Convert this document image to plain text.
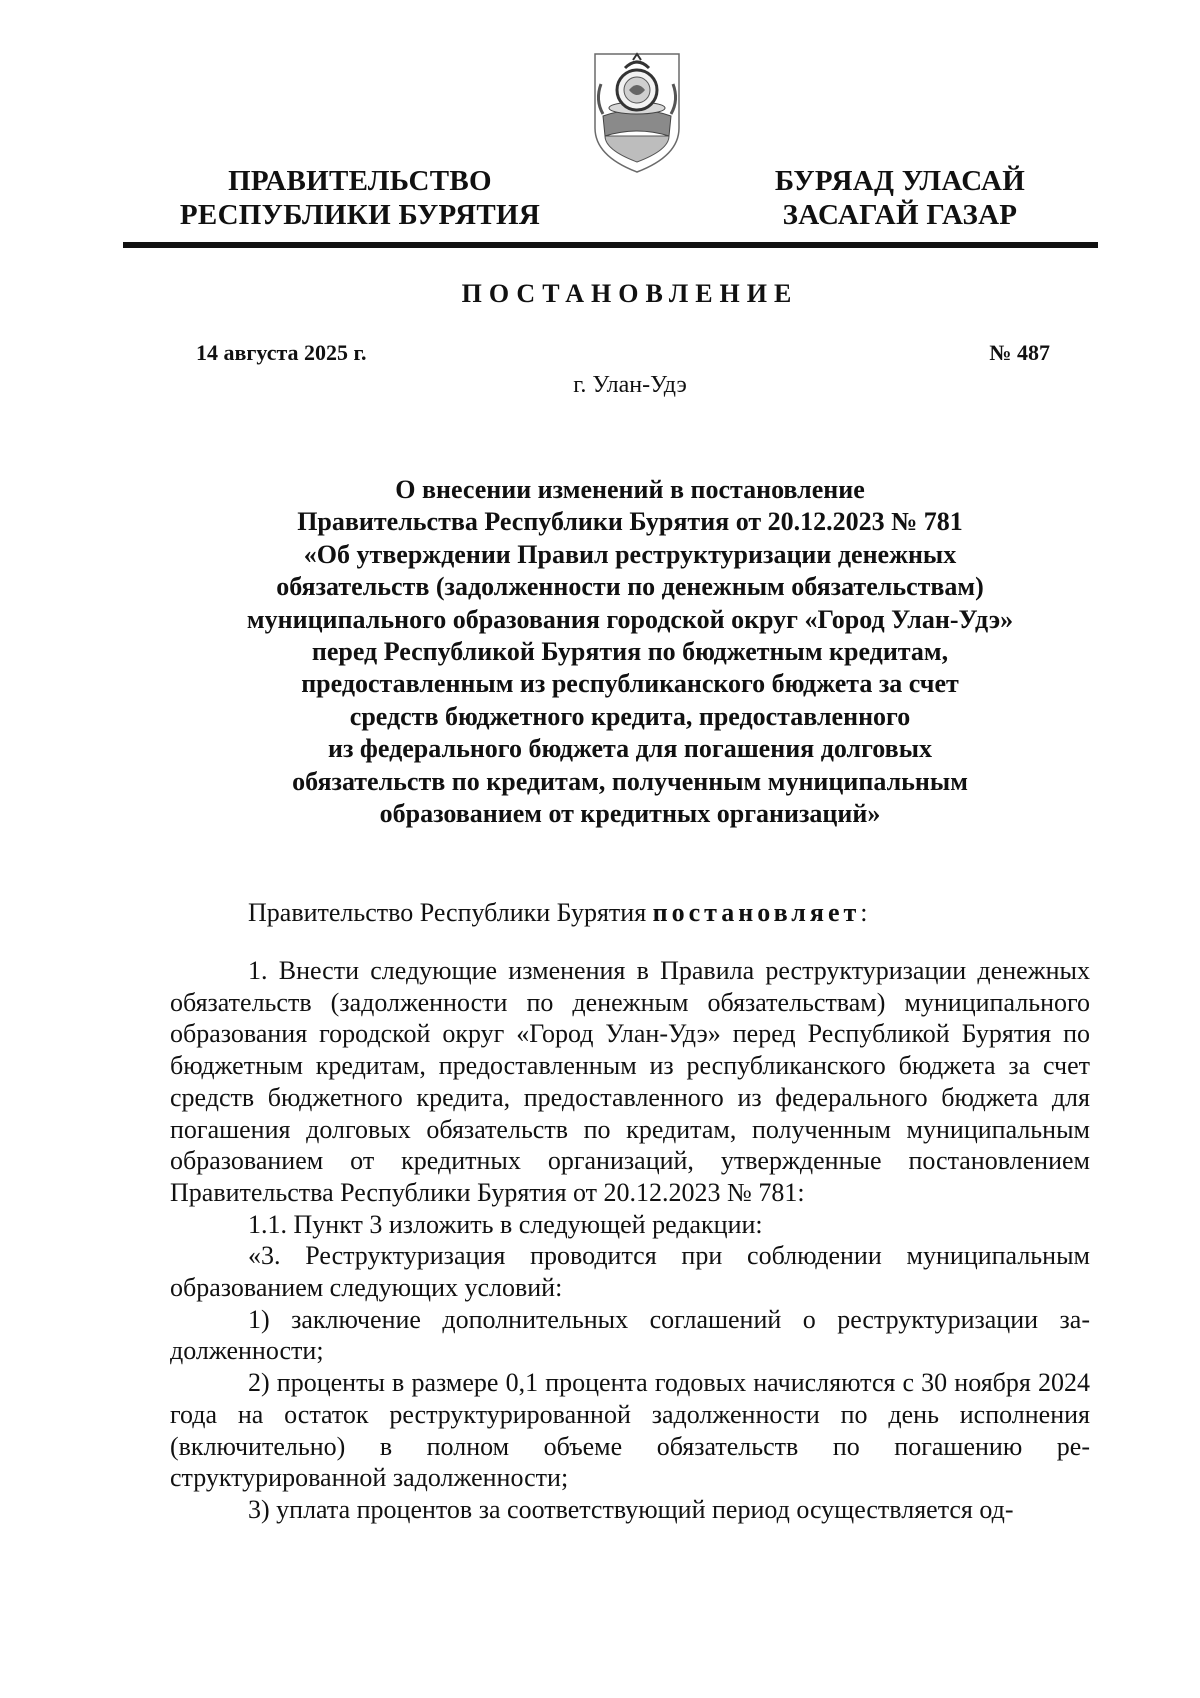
ПРАВИТЕЛЬСТВО
РЕСПУБЛИКИ БУРЯТИЯ
БУРЯАД УЛАСАЙ
ЗАСАГАЙ ГАЗАР
ПОСТАНОВЛЕНИЕ
14 августа 2025 г.	№ 487
г. Улан-Удэ
О внесении изменений в постановление
Правительства Республики Бурятия от 20.12.2023 № 781
«Об утверждении Правил реструктуризации денежных
обязательств (задолженности по денежным обязательствам)
муниципального образования городской округ «Город Улан-Удэ»
перед Республикой Бурятия по бюджетным кредитам,
предоставленным из республиканского бюджета за счет
средств бюджетного кредита, предоставленного
из федерального бюджета для погашения долговых
обязательств по кредитам, полученным муниципальным
образованием от кредитных организаций»
Правительство Республики Бурятия постановляет:

1. Внести следующие изменения в Правила реструктуризации денежных обязательств (задолженности по денежным обязательствам) муниципального образования городской округ «Город Улан-Удэ» перед Республикой Бурятия по бюджетным кредитам, предоставленным из республиканского бюджета за счет средств бюджетного кредита, предоставленного из федерального бюджета для погашения долговых обязательств по кредитам, полученным муниципальным образованием от кредитных организаций, утвержденные постановлением Правительства Республики Бурятия от 20.12.2023 № 781:

1.1. Пункт 3 изложить в следующей редакции:

«3. Реструктуризация проводится при соблюдении муниципальным образованием следующих условий:

1) заключение дополнительных соглашений о реструктуризации задолженности;

2) проценты в размере 0,1 процента годовых начисляются с 30 ноября 2024 года на остаток реструктурированной задолженности по день исполнения (включительно) в полном объеме обязательств по погашению реструктурированной задолженности;

3) уплата процентов за соответствующий период осуществляется од-
